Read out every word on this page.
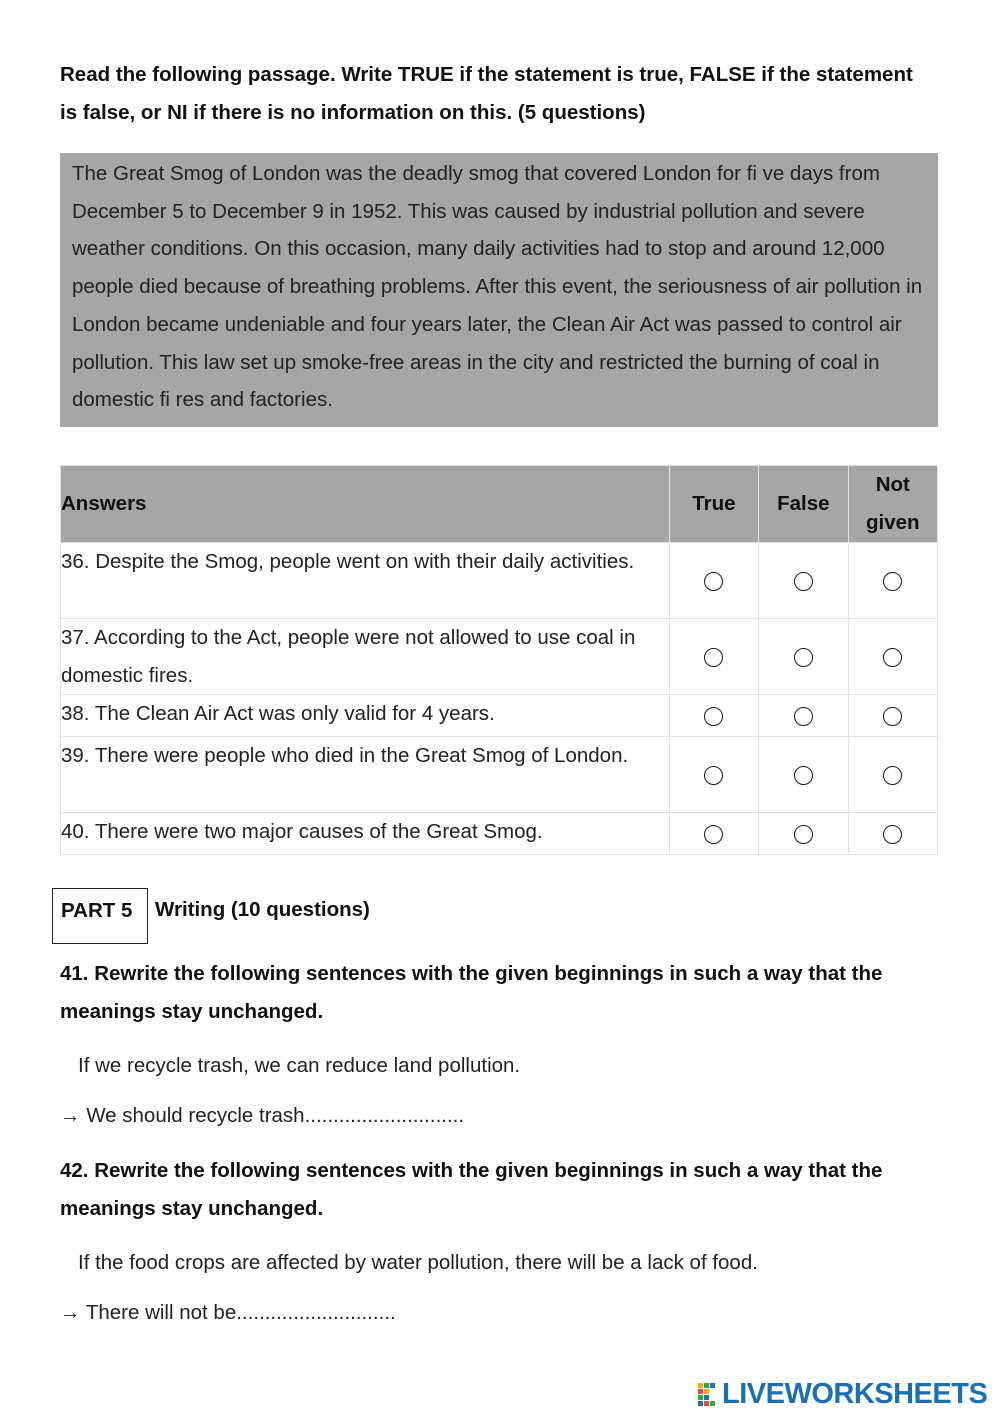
Read the following passage. Write TRUE if the statement is true, FALSE if the statement is false, or NI if there is no information on this. (5 questions)
The Great Smog of London was the deadly smog that covered London for fi ve days from December 5 to December 9 in 1952. This was caused by industrial pollution and severe weather conditions. On this occasion, many daily activities had to stop and around 12,000 people died because of breathing problems. After this event, the seriousness of air pollution in London became undeniable and four years later, the Clean Air Act was passed to control air pollution. This law set up smoke-free areas in the city and restricted the burning of coal in domestic fi res and factories.
Answers	True	False	Not given
36. Despite the Smog, people went on with their daily activities.			
37. According to the Act, people were not allowed to use coal in domestic fires.			
38. The Clean Air Act was only valid for 4 years.			
39. There were people who died in the Great Smog of London.			
40. There were two major causes of the Great Smog.			
PART 5	Writing (10 questions)
41. Rewrite the following sentences with the given beginnings in such a way that the meanings stay unchanged.
If we recycle trash, we can reduce land pollution.
→ We should recycle trash............................
42. Rewrite the following sentences with the given beginnings in such a way that the meanings stay unchanged.
If the food crops are affected by water pollution, there will be a lack of food.
→ There will not be............................
LIVEWORKSHEETS
